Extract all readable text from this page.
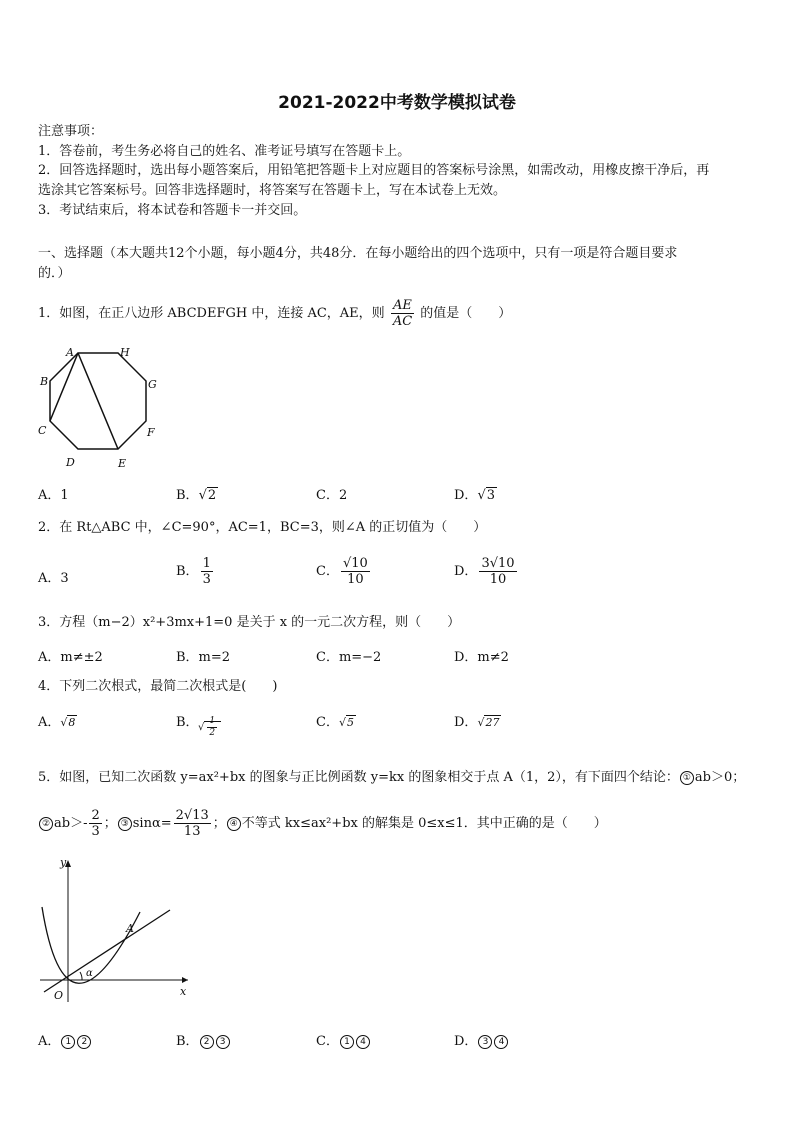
2021-2022中考数学模拟试卷
注意事项：
1．答卷前，考生务必将自己的姓名、准考证号填写在答题卡上。
2．回答选择题时，选出每小题答案后，用铅笔把答题卡上对应题目的答案标号涂黑，如需改动，用橡皮擦干净后，再
选涂其它答案标号。回答非选择题时，将答案写在答题卡上，写在本试卷上无效。
3．考试结束后，将本试卷和答题卡一并交回。
一、选择题（本大题共12个小题，每小题4分，共48分．在每小题给出的四个选项中，只有一项是符合题目要求
的．）
1．如图，在正八边形 ABCDEFGH 中，连接 AC，AE，则 $\frac{AE}{AC}$ 的值是（　　）
A	H
G
F
E
D
C
B
A．1	B．√2	C．2	D．√3
2．在 Rt△ABC 中，∠C=90°，AC=1，BC=3，则∠A 的正切值为（　　）
A．3	B． $\frac{1}{3}$	C． $\frac{√10}{10}$	D． $\frac{3√10}{10}$
3．方程（m−2）x²+3mx+1=0 是关于 x 的一元二次方程，则（　　）
A．m≠±2	B．m=2	C．m=−2	D．m≠2
4．下列二次根式，最简二次根式是(　　)
A．√8	B． √ $\frac{1}{2}$	C．√5	D．√27
5．如图，已知二次函数 y=ax²+bx 的图象与正比例函数 y=kx 的图象相交于点 A（1，2），有下面四个结论： ① ab＞0；
② $ab>- \frac{2}{3}$ ； ③ $\sin\alpha= \frac{2√13}{13}$ ； ④ 不等式 kx≤ax²+bx 的解集是 0≤x≤1．其中正确的是（　　）
y
x
O
A
α
A． 1 2	B． 2 3	C． 1 4	D． 3 4
